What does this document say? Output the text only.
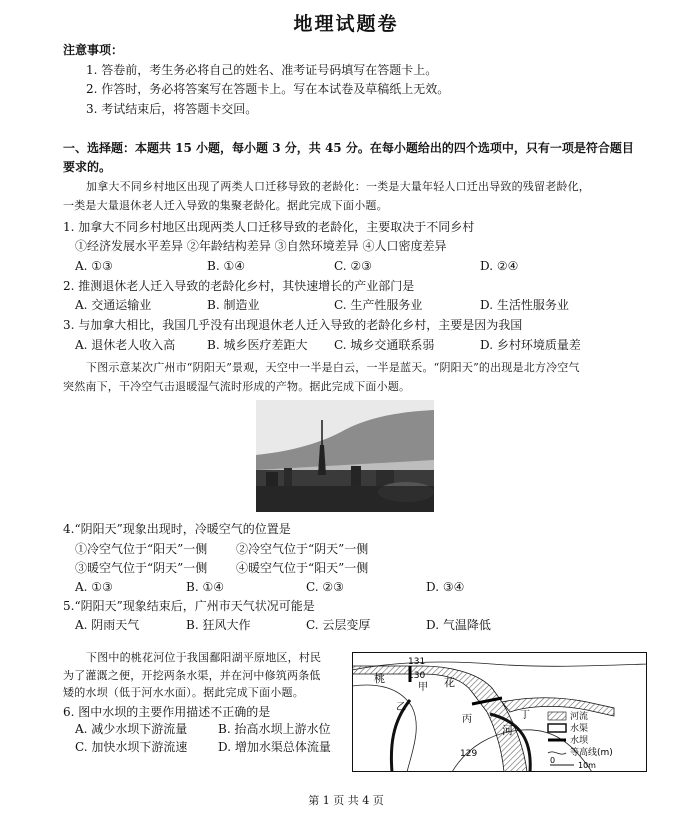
地理试题卷
注意事项：
1. 答卷前，考生务必将自己的姓名、准考证号码填写在答题卡上。
2. 作答时，务必将答案写在答题卡上。写在本试卷及草稿纸上无效。
3. 考试结束后，将答题卡交回。
一、选择题：本题共 15 小题，每小题 3 分，共 45 分。在每小题给出的四个选项中，只有一项是符合题目
要求的。
加拿大不同乡村地区出现了两类人口迁移导致的老龄化：一类是大量年轻人口迁出导致的残留老龄化，
一类是大量退休老人迁入导致的集聚老龄化。据此完成下面小题。
1. 加拿大不同乡村地区出现两类人口迁移导致的老龄化，主要取决于不同乡村
①经济发展水平差异 ②年龄结构差异 ③自然环境差异 ④人口密度差异
A. ①③	B. ①④	C. ②③	D. ②④
2. 推测退休老人迁入导致的老龄化乡村，其快速增长的产业部门是
A. 交通运输业	B. 制造业	C. 生产性服务业	D. 生活性服务业
3. 与加拿大相比，我国几乎没有出现退休老人迁入导致的老龄化乡村，主要是因为我国
A. 退休老人收入高	B. 城乡医疗差距大 C. 城乡交通联系弱	D. 乡村环境质量差
下图示意某次广州市“阴阳天”景观，天空中一半是白云，一半是蓝天。“阴阳天”的出现是北方冷空气
突然南下，干冷空气击退暖湿气流时形成的产物。据此完成下面小题。
4.“阴阳天”现象出现时，冷暖空气的位置是
①冷空气位于“阳天”一侧 ②冷空气位于“阴天”一侧
③暖空气位于“阴天”一侧 ④暖空气位于“阳天”一侧
A. ①③	B. ①④	C. ②③	D. ③④
5.“阴阳天”现象结束后，广州市天气状况可能是
A. 阴雨天气	B. 狂风大作	C. 云层变厚	D. 气温降低
下图中的桃花河位于我国鄱阳湖平原地区，村民
为了灌溉之便，开挖两条水渠，并在河中修筑两条低
矮的水坝（低于河水水面）。据此完成下面小题。
6. 图中水坝的主要作用描述不正确的是
A. 减少水坝下游流量	B. 抬高水坝上游水位
C. 加快水坝下游流速	D. 增加水渠总体流量
131
130
129
桃	花
河
甲
乙
丙	丁	河流
水渠
水坝
等高线(m)
0
10m
第 1 页 共 4 页
